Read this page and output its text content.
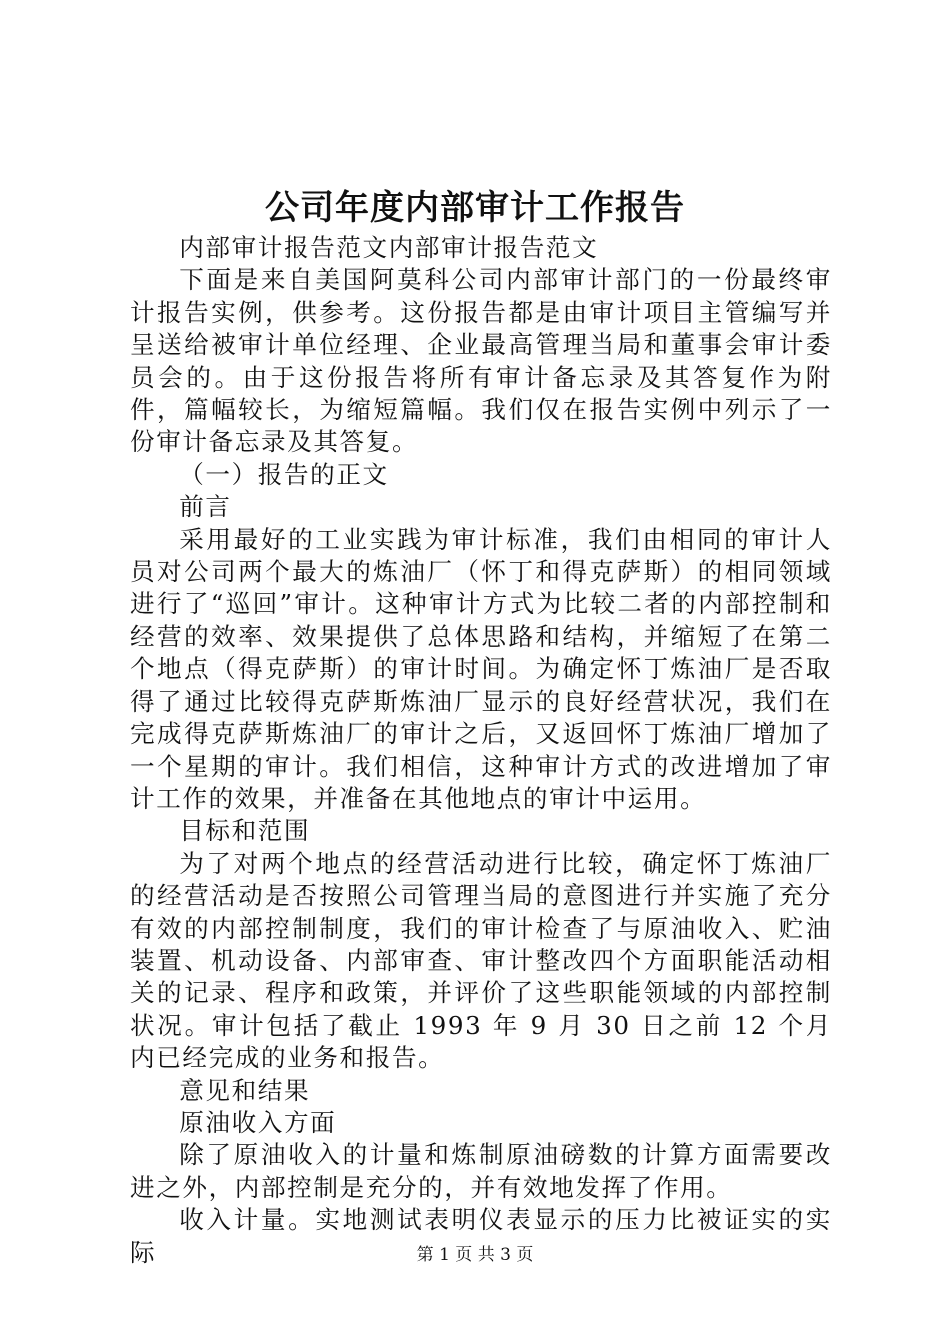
公司年度内部审计工作报告

内部审计报告范文内部审计报告范文

下面是来自美国阿莫科公司内部审计部门的一份最终审计报告实例，供参考。这份报告都是由审计项目主管编写并呈送给被审计单位经理、企业最高管理当局和董事会审计委员会的。由于这份报告将所有审计备忘录及其答复作为附件，篇幅较长，为缩短篇幅。我们仅在报告实例中列示了一份审计备忘录及其答复。

（一）报告的正文

前言

采用最好的工业实践为审计标准，我们由相同的审计人员对公司两个最大的炼油厂（怀丁和得克萨斯）的相同领域进行了“巡回”审计。这种审计方式为比较二者的内部控制和经营的效率、效果提供了总体思路和结构，并缩短了在第二个地点（得克萨斯）的审计时间。为确定怀丁炼油厂是否取得了通过比较得克萨斯炼油厂显示的良好经营状况，我们在完成得克萨斯炼油厂的审计之后，又返回怀丁炼油厂增加了一个星期的审计。我们相信，这种审计方式的改进增加了审计工作的效果，并准备在其他地点的审计中运用。

目标和范围

为了对两个地点的经营活动进行比较，确定怀丁炼油厂的经营活动是否按照公司管理当局的意图进行并实施了充分有效的内部控制制度，我们的审计检查了与原油收入、贮油装置、机动设备、内部审查、审计整改四个方面职能活动相关的记录、程序和政策，并评价了这些职能领域的内部控制状况。审计包括了截止 1993 年 9 月 30 日之前 12 个月内已经完成的业务和报告。

意见和结果

原油收入方面

除了原油收入的计量和炼制原油磅数的计算方面需要改进之外，内部控制是充分的，并有效地发挥了作用。

收入计量。实地测试表明仪表显示的压力比被证实的实际	第 1 页 共 3 页
